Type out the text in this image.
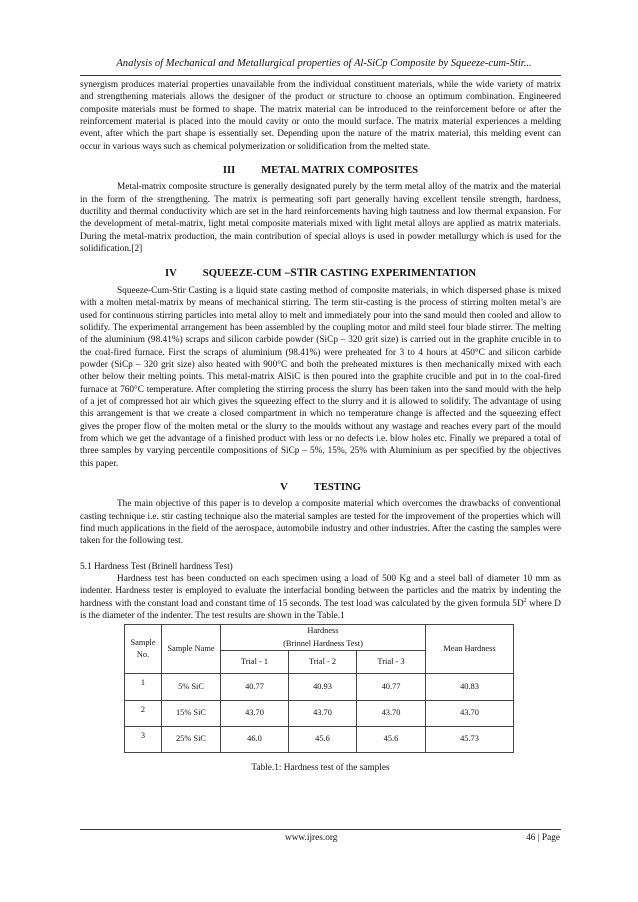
Analysis of Mechanical and Metallurgical properties of Al-SiCp Composite by Squeeze-cum-Stir...

synergism produces material properties unavailable from the individual constituent materials, while the wide variety of matrix and strengthening materials allows the designer of the product or structure to choose an optimum combination. Engineered composite materials must be formed to shape. The matrix material can be introduced to the reinforcement before or after the reinforcement material is placed into the mould cavity or onto the mould surface. The matrix material experiences a melding event, after which the part shape is essentially set. Depending upon the nature of the matrix material, this melding event can occur in various ways such as chemical polymerization or solidification from the melted state.

III METAL MATRIX COMPOSITES

Metal-matrix composite structure is generally designated purely by the term metal alloy of the matrix and the material in the form of the strengthening. The matrix is permeating soft part generally having excellent tensile strength, hardness, ductility and thermal conductivity which are set in the hard reinforcements having high tautness and low thermal expansion. For the development of metal-matrix, light metal composite materials mixed with light metal alloys are applied as matrix materials. During the metal-matrix production, the main contribution of special alloys is used in powder metallurgy which is used for the solidification.[2]

IV SQUEEZE-CUM –STIR CASTING EXPERIMENTATION

Squeeze-Cum-Stir Casting is a liquid state casting method of composite materials, in which dispersed phase is mixed with a molten metal-matrix by means of mechanical stirring. The term stir-casting is the process of stirring molten metal’s are used for continuous stirring particles into metal alloy to melt and immediately pour into the sand mould then cooled and allow to solidify. The experimental arrangement has been assembled by the coupling motor and mild steel four blade stirrer. The melting of the aluminium (98.41%) scraps and silicon carbide powder (SiCp – 320 grit size) is carried out in the graphite crucible in to the coal-fired furnace. First the scraps of aluminium (98.41%) were preheated for 3 to 4 hours at 450°C and silicon carbide powder (SiCp – 320 grit size) also heated with 900°C and both the preheated mixtures is then mechanically mixed with each other below their melting points. This metal-matrix AlSiC is then poured into the graphite crucible and put in to the coal-fired furnace at 760°C temperature. After completing the stirring process the slurry has been taken into the sand mould with the help of a jet of compressed hot air which gives the squeezing effect to the slurry and it is allowed to solidify. The advantage of using this arrangement is that we create a closed compartment in which no temperature change is affected and the squeezing effect gives the proper flow of the molten metal or the slurry to the moulds without any wastage and reaches every part of the mould from which we get the advantage of a finished product with less or no defects i.e. blow holes etc. Finally we prepared a total of three samples by varying percentile compositions of SiCp – 5%, 15%, 25% with Aluminium as per specified by the objectives this paper.

V TESTING

The main objective of this paper is to develop a composite material which overcomes the drawbacks of conventional casting technique i.e. stir casting technique also the material samples are tested for the improvement of the properties which will find much applications in the field of the aerospace, automobile industry and other industries. After the casting the samples were taken for the following test.

5.1 Hardness Test (Brinell hardness Test)

Hardness test has been conducted on each specimen using a load of 500 Kg and a steel ball of diameter 10 mm as indenter. Hardness tester is employed to evaluate the interfacial bonding between the particles and the matrix by indenting the hardness with the constant load and constant time of 15 seconds. The test load was calculated by the given formula $5D^2$ where D is the diameter of the indenter. The test results are shown in the Table.1

Sample No.	Sample Name	Hardness
(Brinnel Hardness Test)			Mean Hardness
		Trial - 1	Trial - 2	Trial - 3	
1	5% SiC	40.77	40.93	40.77	40.83
2	15% SiC	43.70	43.70	43.70	43.70
3	25% SiC	46.0	45.6	45.6	45.73
Table.1: Hardness test of the samples
www.ijres.org	46 | Page
